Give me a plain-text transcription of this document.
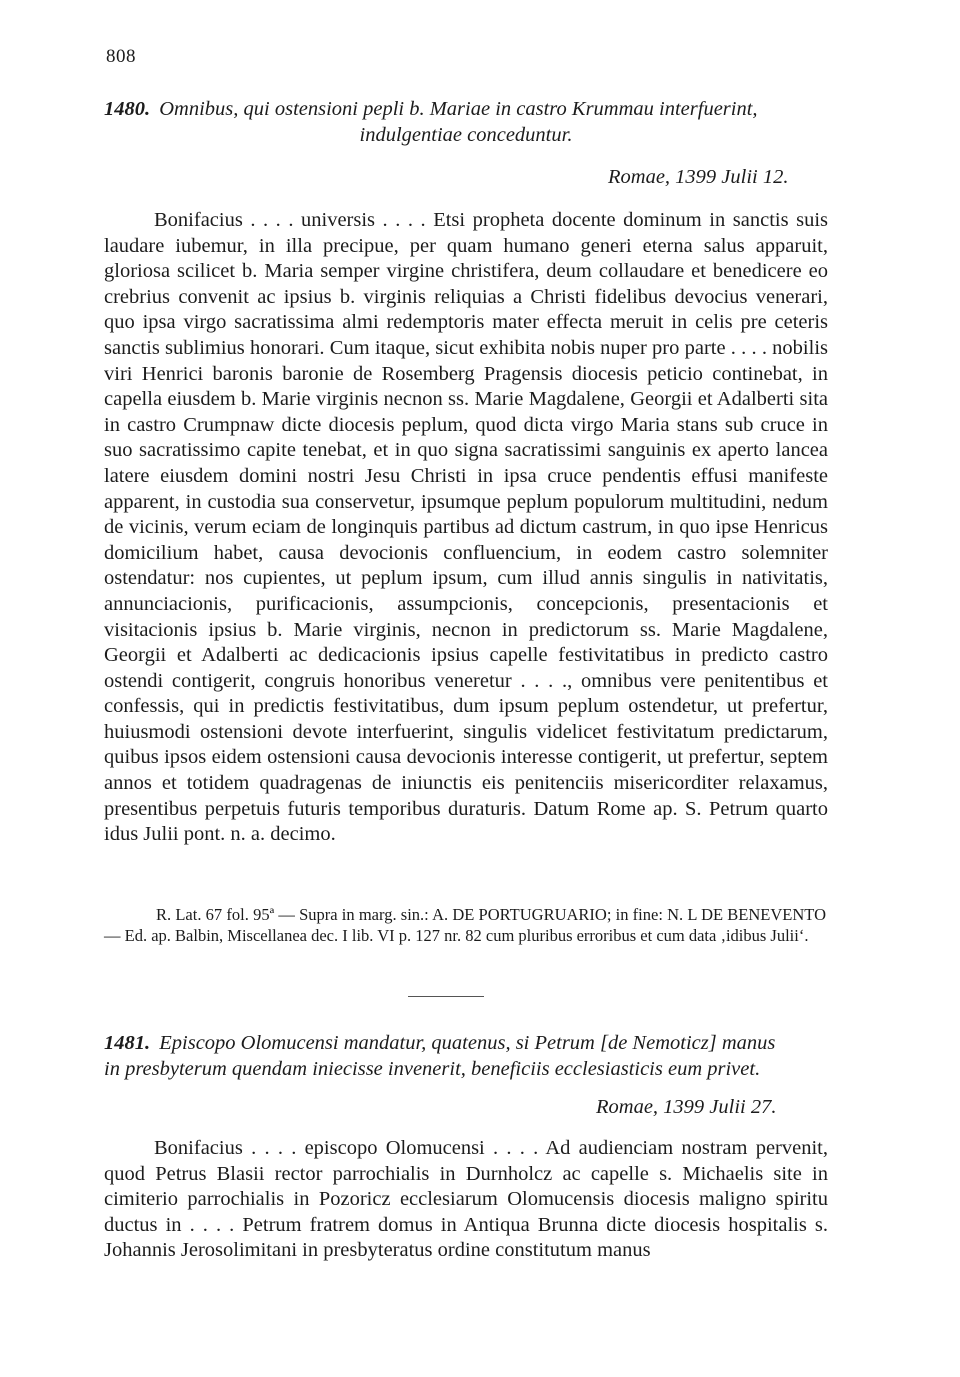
808
1480. Omnibus, qui ostensioni pepli b. Mariae in castro Krummau interfuerint,
indulgentiae conceduntur.
Romae, 1399 Julii 12.

Bonifacius . . . . universis . . . . Etsi propheta docente dominum in sanctis suis laudare iubemur, in illa precipue, per quam humano generi eterna salus apparuit, gloriosa scilicet b. Maria semper virgine christifera, deum collaudare et benedicere eo crebrius convenit ac ipsius b. virginis reliquias a Christi fidelibus devocius venerari, quo ipsa virgo sacratissima almi redemptoris mater effecta meruit in celis pre ceteris sanctis sublimius honorari. Cum itaque, sicut exhibita nobis nuper pro parte . . . . nobilis viri Henrici baronis baronie de Rosemberg Pragensis diocesis peticio continebat, in capella eiusdem b. Marie virginis necnon ss. Marie Magdalene, Georgii et Adalberti sita in castro Crumpnaw dicte diocesis peplum, quod dicta virgo Maria stans sub cruce in suo sacratissimo capite tenebat, et in quo signa sacratissimi sanguinis ex aperto lancea latere eiusdem domini nostri Jesu Christi in ipsa cruce pendentis effusi manifeste apparent, in custodia sua conservetur, ipsumque peplum populorum multitudini, nedum de vicinis, verum eciam de longinquis partibus ad dictum castrum, in quo ipse Henricus domicilium habet, causa devocionis confluencium, in eodem castro solemniter ostendatur: nos cupientes, ut peplum ipsum, cum illud annis singulis in nativitatis, annunciacionis, purificacionis, assumpcionis, concepcionis, presentacionis et visitacionis ipsius b. Marie virginis, necnon in predictorum ss. Marie Magdalene, Georgii et Adalberti ac dedicacionis ipsius capelle festivitatibus in predicto castro ostendi contigerit, congruis honoribus veneretur . . . ., omnibus vere penitentibus et confessis, qui in predictis festivitatibus, dum ipsum peplum ostendetur, ut prefertur, huiusmodi ostensioni devote interfuerint, singulis videlicet festivitatum predictarum, quibus ipsos eidem ostensioni causa devocionis interesse contigerit, ut prefertur, septem annos et totidem quadragenas de iniunctis eis penitenciis misericorditer relaxamus, presentibus perpetuis futuris temporibus duraturis. Datum Rome ap. S. Petrum quarto idus Julii pont. n. a. decimo.

R. Lat. 67 fol. 95ª — Supra in marg. sin.: A. DE PORTUGRUARIO; in fine: N. L DE BENEVENTO — Ed. ap. Balbin, Miscellanea dec. I lib. VI p. 127 nr. 82 cum pluribus erroribus et cum data ‚idibus Julii‘.

1481. Episcopo Olomucensi mandatur, quatenus, si Petrum [de Nemoticz] manus
in presbyterum quendam iniecisse invenerit, beneficiis ecclesiasticis eum privet.
Romae, 1399 Julii 27.

Bonifacius . . . . episcopo Olomucensi . . . . Ad audienciam nostram pervenit, quod Petrus Blasii rector parrochialis in Durnholcz ac capelle s. Michaelis site in cimiterio parrochialis in Pozoricz ecclesiarum Olomucensis diocesis maligno spiritu ductus in . . . . Petrum fratrem domus in Antiqua Brunna dicte diocesis hospitalis s. Johannis Jerosolimitani in presbyteratus ordine constitutum manus
